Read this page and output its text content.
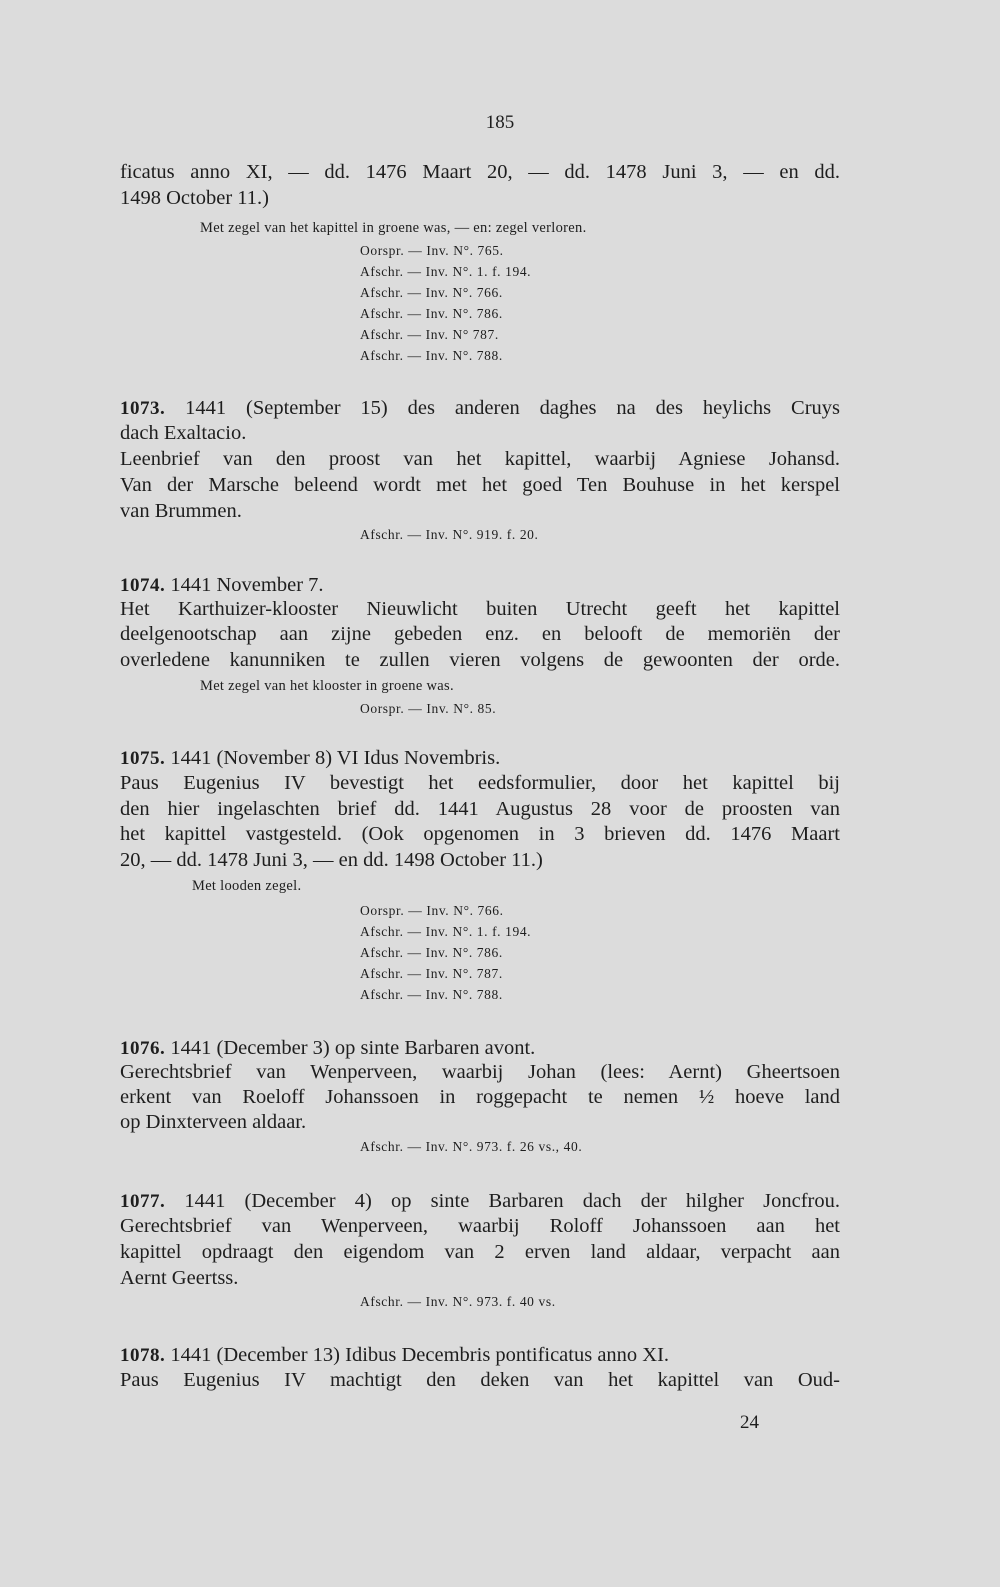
185
ficatus anno XI, — dd. 1476 Maart 20, — dd. 1478 Juni 3, — en dd.
1498 October 11.)
Met zegel van het kapittel in groene was, — en: zegel verloren.
Oorspr. — Inv. N°. 765.
Afschr. — Inv. N°. 1. f. 194.
Afschr. — Inv. N°. 766.
Afschr. — Inv. N°. 786.
Afschr. — Inv. N° 787.
Afschr. — Inv. N°. 788.
1073. 1441 (September 15) des anderen daghes na des heylichs Cruys
dach Exaltacio.
Leenbrief van den proost van het kapittel, waarbij Agniese Johansd.
Van der Marsche beleend wordt met het goed Ten Bouhuse in het kerspel
van Brummen.
Afschr. — Inv. N°. 919. f. 20.
1074. 1441 November 7.
Het Karthuizer-klooster Nieuwlicht buiten Utrecht geeft het kapittel
deelgenootschap aan zijne gebeden enz. en belooft de memoriën der
overledene kanunniken te zullen vieren volgens de gewoonten der orde.
Met zegel van het klooster in groene was.
Oorspr. — Inv. N°. 85.
1075. 1441 (November 8) VI Idus Novembris.
Paus Eugenius IV bevestigt het eedsformulier, door het kapittel bij
den hier ingelaschten brief dd. 1441 Augustus 28 voor de proosten van
het kapittel vastgesteld. (Ook opgenomen in 3 brieven dd. 1476 Maart
20, — dd. 1478 Juni 3, — en dd. 1498 October 11.)
Met looden zegel.
Oorspr. — Inv. N°. 766.
Afschr. — Inv. N°. 1. f. 194.
Afschr. — Inv. N°. 786.
Afschr. — Inv. N°. 787.
Afschr. — Inv. N°. 788.
1076. 1441 (December 3) op sinte Barbaren avont.
Gerechtsbrief van Wenperveen, waarbij Johan (lees: Aernt) Gheertsoen
erkent van Roeloff Johanssoen in roggepacht te nemen ½ hoeve land
op Dinxterveen aldaar.
Afschr. — Inv. N°. 973. f. 26 vs., 40.
1077. 1441 (December 4) op sinte Barbaren dach der hilgher Joncfrou.
Gerechtsbrief van Wenperveen, waarbij Roloff Johanssoen aan het
kapittel opdraagt den eigendom van 2 erven land aldaar, verpacht aan
Aernt Geertss.
Afschr. — Inv. N°. 973. f. 40 vs.
1078. 1441 (December 13) Idibus Decembris pontificatus anno XI.
Paus Eugenius IV machtigt den deken van het kapittel van Oud-
24
